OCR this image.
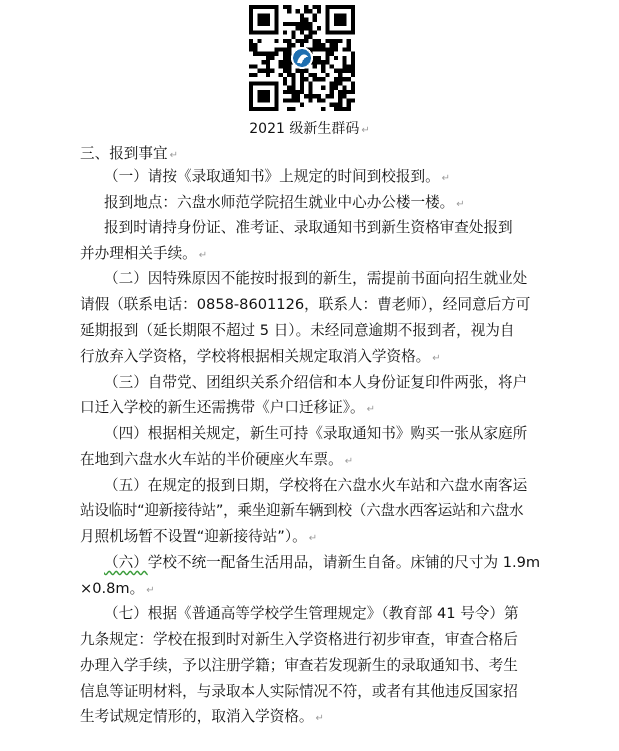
2021 级新生群码 ↵
三、报到事宜 ↵
（一）请按《录取通知书》上规定的时间到校报到。 ↵
报到地点：六盘水师范学院招生就业中心办公楼一楼。 ↵
报到时请持身份证、准考证、录取通知书到新生资格审查处报到
并办理相关手续。 ↵
（二）因特殊原因不能按时报到的新生，需提前书面向招生就业处
请假（联系电话：0858-8601126，联系人：曹老师），经同意后方可
延期报到（延长期限不超过 5 日）。未经同意逾期不报到者，视为自
行放弃入学资格，学校将根据相关规定取消入学资格。 ↵
（三）自带党、团组织关系介绍信和本人身份证复印件两张，将户
口迁入学校的新生还需携带《户口迁移证》。 ↵
（四）根据相关规定，新生可持《录取通知书》购买一张从家庭所
在地到六盘水火车站的半价硬座火车票。 ↵
（五）在规定的报到日期，学校将在六盘水火车站和六盘水南客运
站设临时“迎新接待站”，乘坐迎新车辆到校（六盘水西客运站和六盘水
月照机场暂不设置“迎新接待站”）。 ↵
（六）学校不统一配备生活用品，请新生自备。床铺的尺寸为 1.9m
×0.8m。 ↵
（七）根据《普通高等学校学生管理规定》（教育部 41 号令）第
九条规定：学校在报到时对新生入学资格进行初步审查，审查合格后
办理入学手续，予以注册学籍；审查若发现新生的录取通知书、考生
信息等证明材料，与录取本人实际情况不符，或者有其他违反国家招
生考试规定情形的，取消入学资格。 ↵
